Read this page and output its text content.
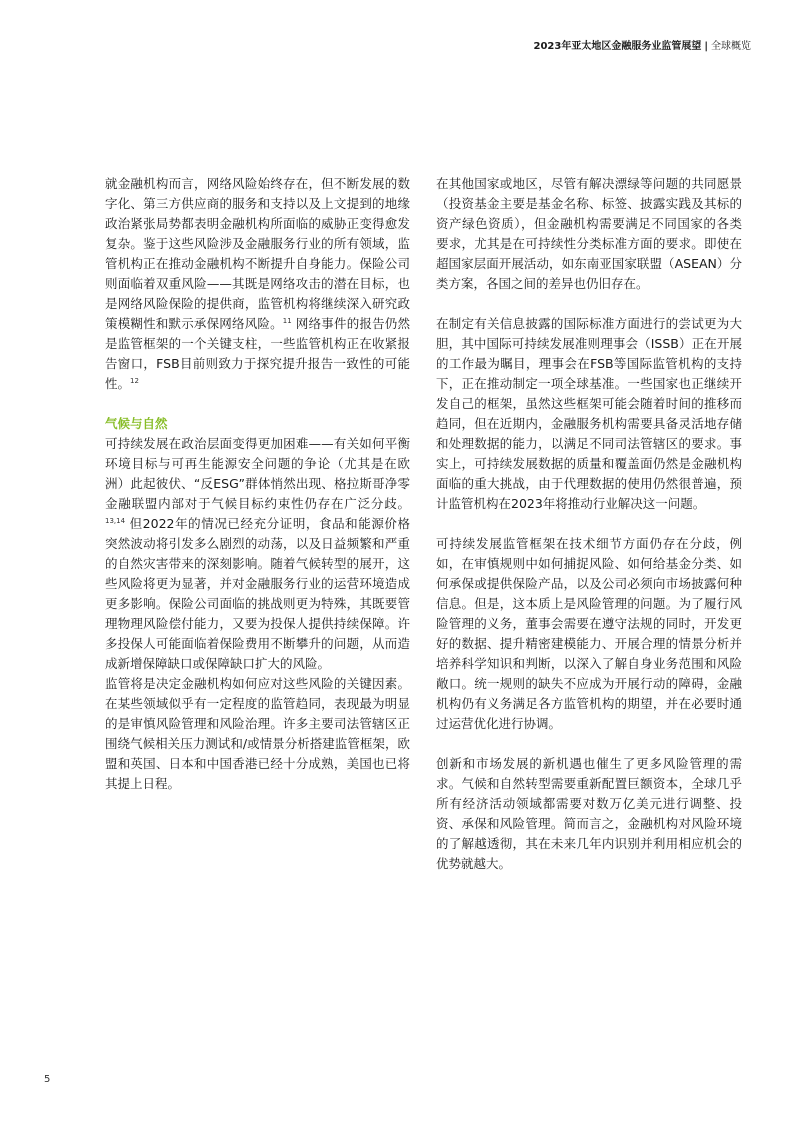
2023年亚太地区金融服务业监管展望 | 全球概览

就金融机构而言，网络风险始终存在，但不断发展的数字化、第三方供应商的服务和支持以及上文提到的地缘政治紧张局势都表明金融机构所面临的威胁正变得愈发复杂。鉴于这些风险涉及金融服务行业的所有领域，监管机构正在推动金融机构不断提升自身能力。保险公司则面临着双重风险——其既是网络攻击的潜在目标，也是网络风险保险的提供商，监管机构将继续深入研究政策模糊性和默示承保网络风险。$^{11}$ 网络事件的报告仍然是监管框架的一个关键支柱，一些监管机构正在收紧报告窗口，FSB目前则致力于探究提升报告一致性的可能性。$^{12}$

气候与自然

可持续发展在政治层面变得更加困难——有关如何平衡环境目标与可再生能源安全问题的争论（尤其是在欧洲）此起彼伏、“反ESG”群体悄然出现、格拉斯哥净零金融联盟内部对于气候目标约束性仍存在广泛分歧。$^{13,14}$ 但2022年的情况已经充分证明，食品和能源价格突然波动将引发多么剧烈的动荡，以及日益频繁和严重的自然灾害带来的深刻影响。随着气候转型的展开，这些风险将更为显著，并对金融服务行业的运营环境造成更多影响。保险公司面临的挑战则更为特殊，其既要管理物理风险偿付能力，又要为投保人提供持续保障。许多投保人可能面临着保险费用不断攀升的问题，从而造成新增保障缺口或保障缺口扩大的风险。

监管将是决定金融机构如何应对这些风险的关键因素。在某些领域似乎有一定程度的监管趋同，表现最为明显的是审慎风险管理和风险治理。许多主要司法管辖区正围绕气候相关压力测试和/或情景分析搭建监管框架，欧盟和英国、日本和中国香港已经十分成熟，美国也已将其提上日程。

在其他国家或地区，尽管有解决漂绿等问题的共同愿景（投资基金主要是基金名称、标签、披露实践及其标的资产绿色资质），但金融机构需要满足不同国家的各类要求，尤其是在可持续性分类标准方面的要求。即使在超国家层面开展活动，如东南亚国家联盟（ASEAN）分类方案，各国之间的差异也仍旧存在。

在制定有关信息披露的国际标准方面进行的尝试更为大胆，其中国际可持续发展准则理事会（ISSB）正在开展的工作最为瞩目，理事会在FSB等国际监管机构的支持下，正在推动制定一项全球基准。一些国家也正继续开发自己的框架，虽然这些框架可能会随着时间的推移而趋同，但在近期内，金融服务机构需要具备灵活地存储和处理数据的能力，以满足不同司法管辖区的要求。事实上，可持续发展数据的质量和覆盖面仍然是金融机构面临的重大挑战，由于代理数据的使用仍然很普遍，预计监管机构在2023年将推动行业解决这一问题。

可持续发展监管框架在技术细节方面仍存在分歧，例如，在审慎规则中如何捕捉风险、如何给基金分类、如何承保或提供保险产品，以及公司必须向市场披露何种信息。但是，这本质上是风险管理的问题。为了履行风险管理的义务，董事会需要在遵守法规的同时，开发更好的数据、提升精密建模能力、开展合理的情景分析并培养科学知识和判断，以深入了解自身业务范围和风险敞口。统一规则的缺失不应成为开展行动的障碍，金融机构仍有义务满足各方监管机构的期望，并在必要时通过运营优化进行协调。

创新和市场发展的新机遇也催生了更多风险管理的需求。气候和自然转型需要重新配置巨额资本，全球几乎所有经济活动领域都需要对数万亿美元进行调整、投资、承保和风险管理。简而言之，金融机构对风险环境的了解越透彻，其在未来几年内识别并利用相应机会的优势就越大。

5
